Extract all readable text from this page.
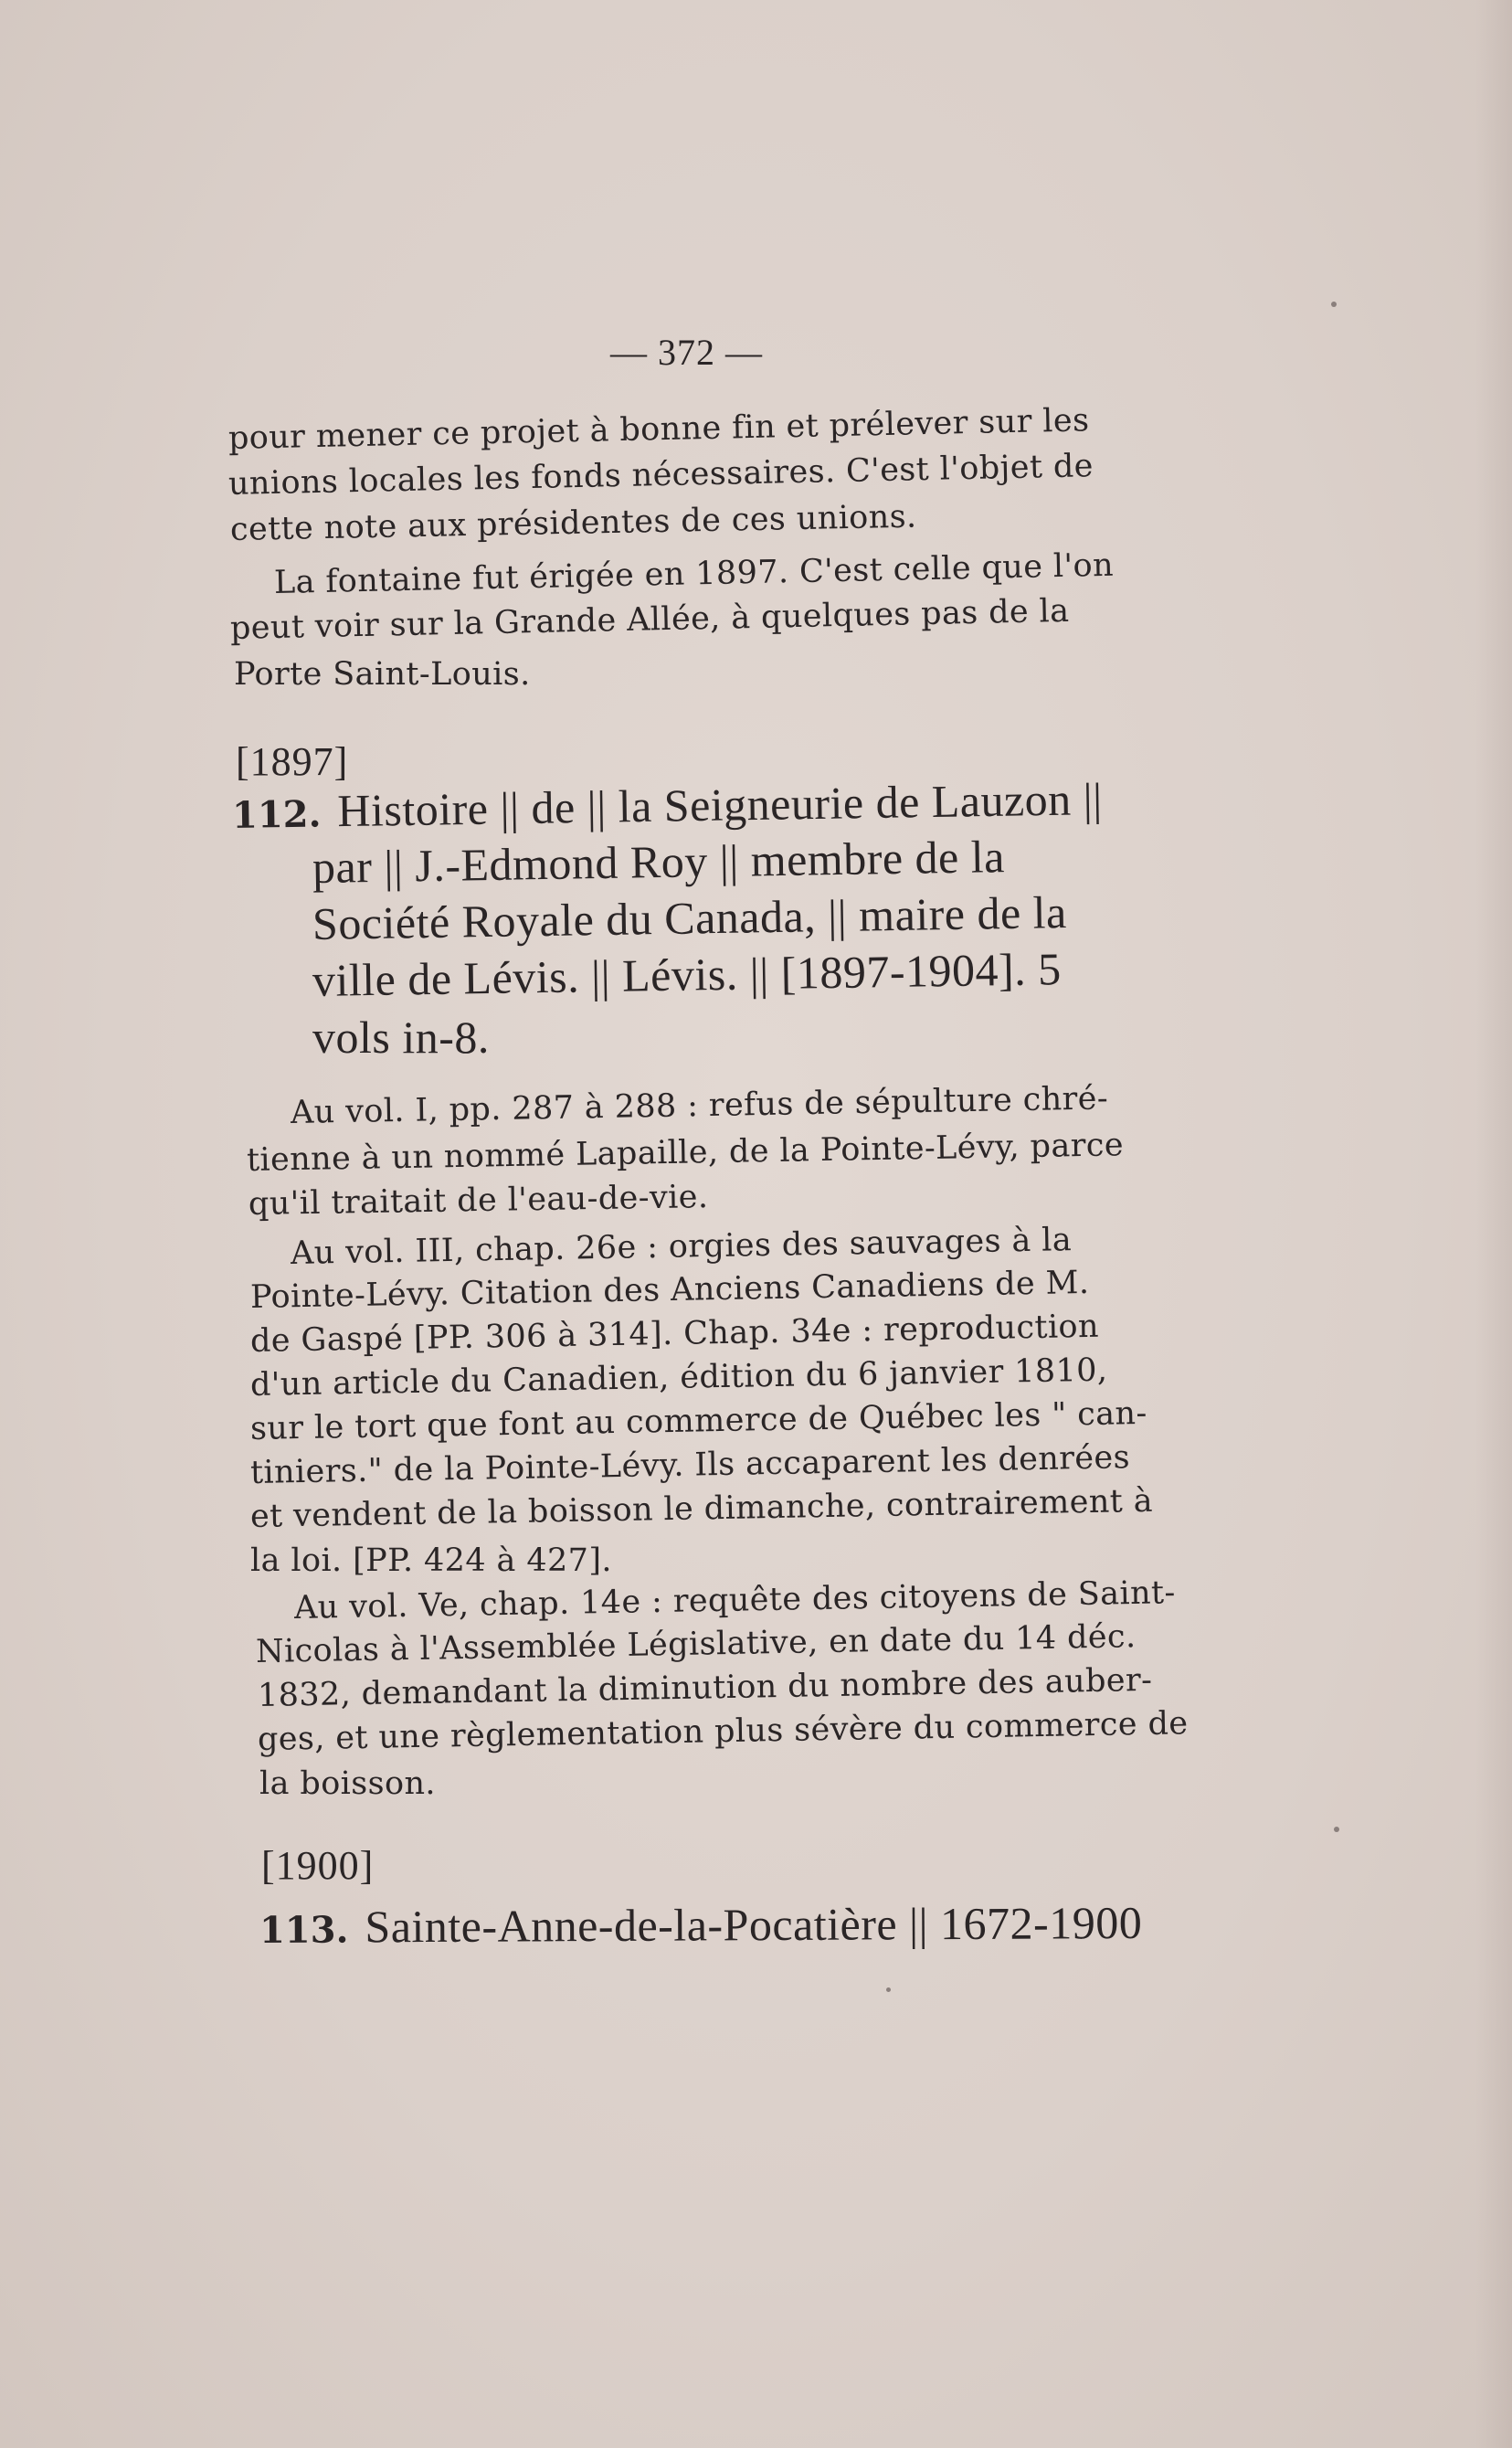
— 372 —

pour mener ce projet à bonne fin et prélever sur les

unions locales les fonds nécessaires. C'est l'objet de

cette note aux présidentes de ces unions.

La fontaine fut érigée en 1897. C'est celle que l'on

peut voir sur la Grande Allée, à quelques pas de la

Porte Saint-Louis.

[1897]

112. Histoire || de || la Seigneurie de Lauzon ||

par || J.-Edmond Roy || membre de la

Société Royale du Canada, || maire de la

ville de Lévis. || Lévis. || [1897-1904]. 5

vols in-8.

Au vol. I, pp. 287 à 288 : refus de sépulture chré-

tienne à un nommé Lapaille, de la Pointe-Lévy, parce

qu'il traitait de l'eau-de-vie.

Au vol. III, chap. 26e : orgies des sauvages à la

Pointe-Lévy. Citation des Anciens Canadiens de M.

de Gaspé [PP. 306 à 314]. Chap. 34e : reproduction

d'un article du Canadien, édition du 6 janvier 1810,

sur le tort que font au commerce de Québec les " can-

tiniers." de la Pointe-Lévy. Ils accaparent les denrées

et vendent de la boisson le dimanche, contrairement à

la loi. [PP. 424 à 427].

Au vol. Ve, chap. 14e : requête des citoyens de Saint-

Nicolas à l'Assemblée Législative, en date du 14 déc.

1832, demandant la diminution du nombre des auber-

ges, et une règlementation plus sévère du commerce de

la boisson.

[1900]

113. Sainte-Anne-de-la-Pocatière || 1672-1900
